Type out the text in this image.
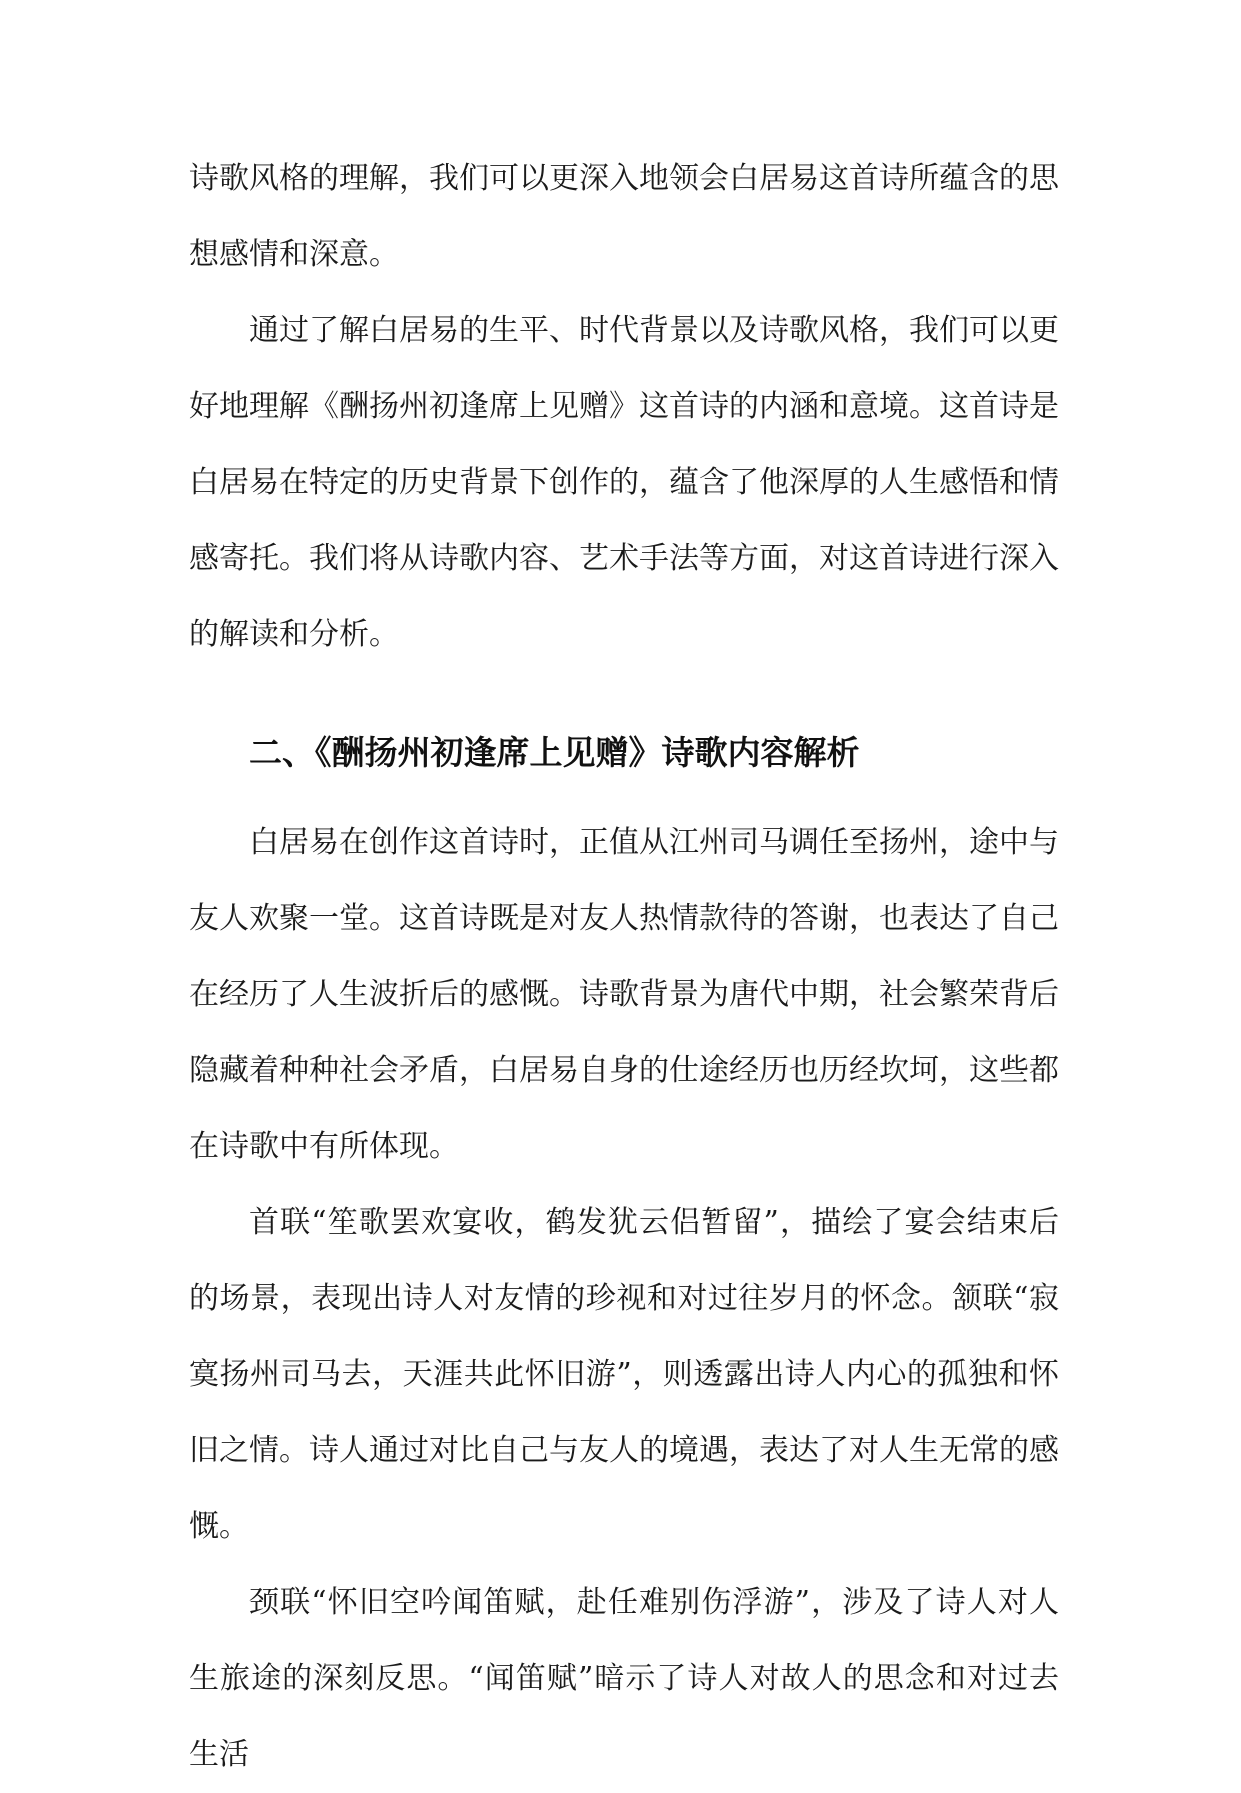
诗歌风格的理解，我们可以更深入地领会白居易这首诗所蕴含的思想感情和深意。

通过了解白居易的生平、时代背景以及诗歌风格，我们可以更好地理解《酬扬州初逢席上见赠》这首诗的内涵和意境。这首诗是白居易在特定的历史背景下创作的，蕴含了他深厚的人生感悟和情感寄托。我们将从诗歌内容、艺术手法等方面，对这首诗进行深入的解读和分析。

二、《酬扬州初逢席上见赠》诗歌内容解析

白居易在创作这首诗时，正值从江州司马调任至扬州，途中与友人欢聚一堂。这首诗既是对友人热情款待的答谢，也表达了自己在经历了人生波折后的感慨。诗歌背景为唐代中期，社会繁荣背后隐藏着种种社会矛盾，白居易自身的仕途经历也历经坎坷，这些都在诗歌中有所体现。

首联“笙歌罢欢宴收，鹤发犹云侣暂留”，描绘了宴会结束后的场景，表现出诗人对友情的珍视和对过往岁月的怀念。颔联“寂寞扬州司马去，天涯共此怀旧游”，则透露出诗人内心的孤独和怀旧之情。诗人通过对比自己与友人的境遇，表达了对人生无常的感慨。

颈联“怀旧空吟闻笛赋，赴任难别伤浮游”，涉及了诗人对人生旅途的深刻反思。“闻笛赋”暗示了诗人对故人的思念和对过去生活
